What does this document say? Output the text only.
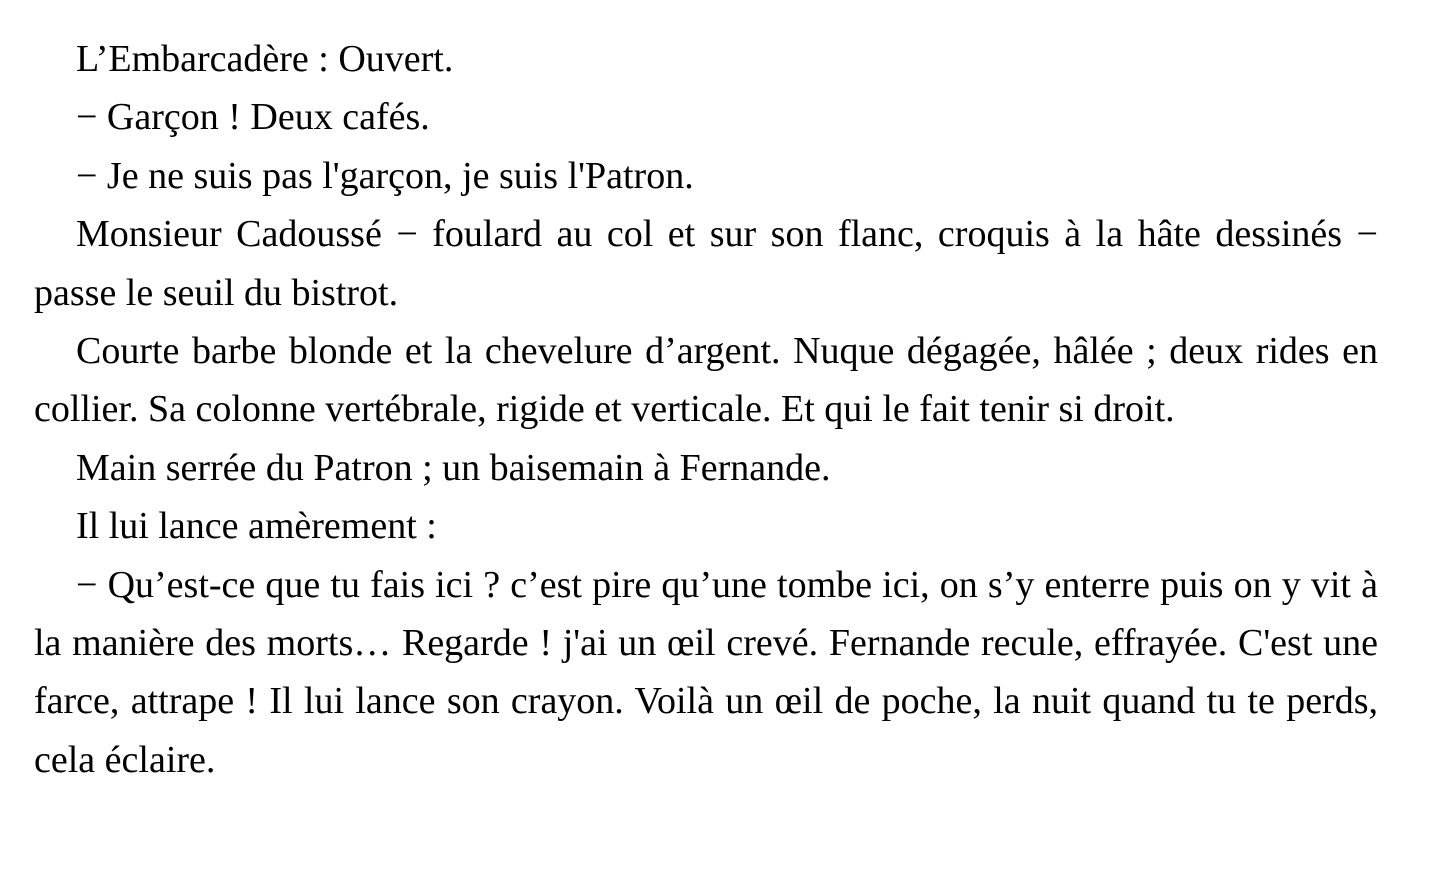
L’Embarcadère : Ouvert.

− Garçon ! Deux cafés.

− Je ne suis pas l'garçon, je suis l'Patron.

Monsieur Cadoussé − foulard au col et sur son flanc, croquis à la hâte dessinés − passe le seuil du bistrot.

Courte barbe blonde et la chevelure d’argent. Nuque dégagée, hâlée ; deux rides en collier. Sa colonne vertébrale, rigide et verticale. Et qui le fait tenir si droit.

Main serrée du Patron ; un baisemain à Fernande.

Il lui lance amèrement :

− Qu’est-ce que tu fais ici ? c’est pire qu’une tombe ici, on s’y enterre puis on y vit à la manière des morts… Regarde ! j'ai un œil crevé. Fernande recule, effrayée. C'est une farce, attrape ! Il lui lance son crayon. Voilà un œil de poche, la nuit quand tu te perds, cela éclaire.
